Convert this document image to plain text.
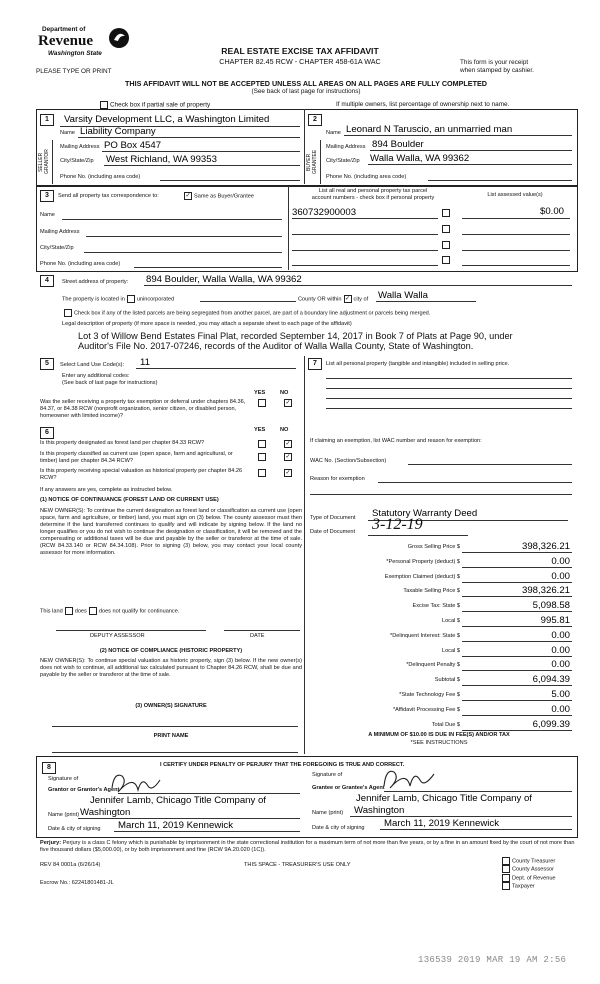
Department of
Revenue
Washington State
PLEASE TYPE OR PRINT
REAL ESTATE EXCISE TAX AFFIDAVIT
CHAPTER 82.45 RCW - CHAPTER 458-61A WAC	This form is your receipt
when stamped by cashier.
THIS AFFIDAVIT WILL NOT BE ACCEPTED UNLESS ALL AREAS ON ALL PAGES ARE FULLY COMPLETED
(See back of last page for instructions)
Check box if partial sale of property	If multiple owners, list percentage of ownership next to name.
1
SELLER GRANTOR
Varsity Development LLC, a Washington Limited
Name Liability Company
Mailing Address PO Box 4547
City/State/Zip West Richland, WA 99353
Phone No. (including area code)
2
BUYER GRANTEE
Name Leonard N Taruscio, an unmarried man
Mailing Address 894 Boulder
City/State/Zip Walla Walla, WA 99362
Phone No. (including area code)
3	Send all property tax correspondence to:	✓ Same as Buyer/Grantee
List all real and personal property tax parcel
account numbers - check box if personal property	List assessed value(s)
Name
Mailing Address
City/State/Zip
Phone No. (including area code)
360732900003	$0.00
4	Street address of property: 894 Boulder, Walla Walla, WA 99362
The property is located in unincorporated	County OR within ✓ city of Walla Walla
Check box if any of the listed parcels are being segregated from another parcel, are part of a boundary line adjustment or parcels being merged.
Legal description of property (if more space is needed, you may attach a separate sheet to each page of the affidavit)
Lot 3 of Willow Bend Estates Final Plat, recorded September 14, 2017 in Book 7 of Plats at Page 90, under
Auditor's File No. 2017-07246, records of the Auditor of Walla Walla County, State of Washington.
5	Select Land Use Code(s): 11
Enter any additional codes:
(See back of last page for instructions)
YES	NO
Was the seller receiving a property tax exemption or deferral under chapters 84.36, 84.37, or 84.38 RCW (nonprofit organization, senior citizen, or disabled person, homeowner with limited income)?
✓
6	YES	NO
Is this property designated as forest land per chapter 84.33 RCW?	✓
Is this property classified as current use (open space, farm and agricultural, or timber) land per chapter 84.34 RCW?
✓
Is this property receiving special valuation as historical property per chapter 84.26 RCW?
✓
If any answers are yes, complete as instructed below.
(1) NOTICE OF CONTINUANCE (FOREST LAND OR CURRENT USE)
NEW OWNER(S): To continue the current designation as forest land or classification as current use (open space, farm and agriculture, or timber) land, you must sign on (3) below. The county assessor must then determine if the land transferred continues to qualify and will indicate by signing below. If the land no longer qualifies or you do not wish to continue the designation or classification, it will be removed and the compensating or additional taxes will be due and payable by the seller or transferor at the time of sale. (RCW 84.33.140 or RCW 84.34.108). Prior to signing (3) below, you may contact your local county assessor for more information.
This land does does not qualify for continuance.
DEPUTY ASSESSOR	DATE
(2) NOTICE OF COMPLIANCE (HISTORIC PROPERTY)
NEW OWNER(S): To continue special valuation as historic property, sign (3) below. If the new owner(s) does not wish to continue, all additional tax calculated pursuant to Chapter 84.26 RCW, shall be due and payable by the seller or transferor at the time of sale.
(3) OWNER(S) SIGNATURE
PRINT NAME
7	List all personal property (tangible and intangible) included in selling price.
If claiming an exemption, list WAC number and reason for exemption:
WAC No. (Section/Subsection)
Reason for exemption
Type of Document Statutory Warranty Deed
Date of Document 3-12-19
Gross Selling Price $	398,326.21
*Personal Property (deduct) $	0.00
Exemption Claimed (deduct) $	0.00
Taxable Selling Price $	398,326.21
Excise Tax: State $	5,098.58
Local $	995.81
*Delinquent Interest: State $	0.00
Local $	0.00
*Delinquent Penalty $	0.00
Subtotal $	6,094.39
*State Technology Fee $	5.00
*Affidavit Processing Fee $	0.00
Total Due $	6,099.39
A MINIMUM OF $10.00 IS DUE IN FEE(S) AND/OR TAX
*SEE INSTRUCTIONS
8	I CERTIFY UNDER PENALTY OF PERJURY THAT THE FOREGOING IS TRUE AND CORRECT.
Signature of
Grantor or Grantor's Agent
Jennifer Lamb, Chicago Title Company of
Name (print) Washington
Date & city of signing March 11, 2019 Kennewick
Signature of
Grantee or Grantee's Agent
Jennifer Lamb, Chicago Title Company of
Name (print) Washington
Date & city of signing March 11, 2019 Kennewick
Perjury: Perjury is a class C felony which is punishable by imprisonment in the state correctional institution for a maximum term of not more than five years, or by a fine in an amount fixed by the court of not more than five thousand dollars ($5,000.00), or by both imprisonment and fine (RCW 9A.20.020 (1C)).
REV 84 0001a (6/26/14)	THIS SPACE - TREASURER'S USE ONLY
Escrow No.: 62241801481-JL
County Treasurer
County Assessor
Dept. of Revenue
Taxpayer
136539 2019 MAR 19 AM 2:56
